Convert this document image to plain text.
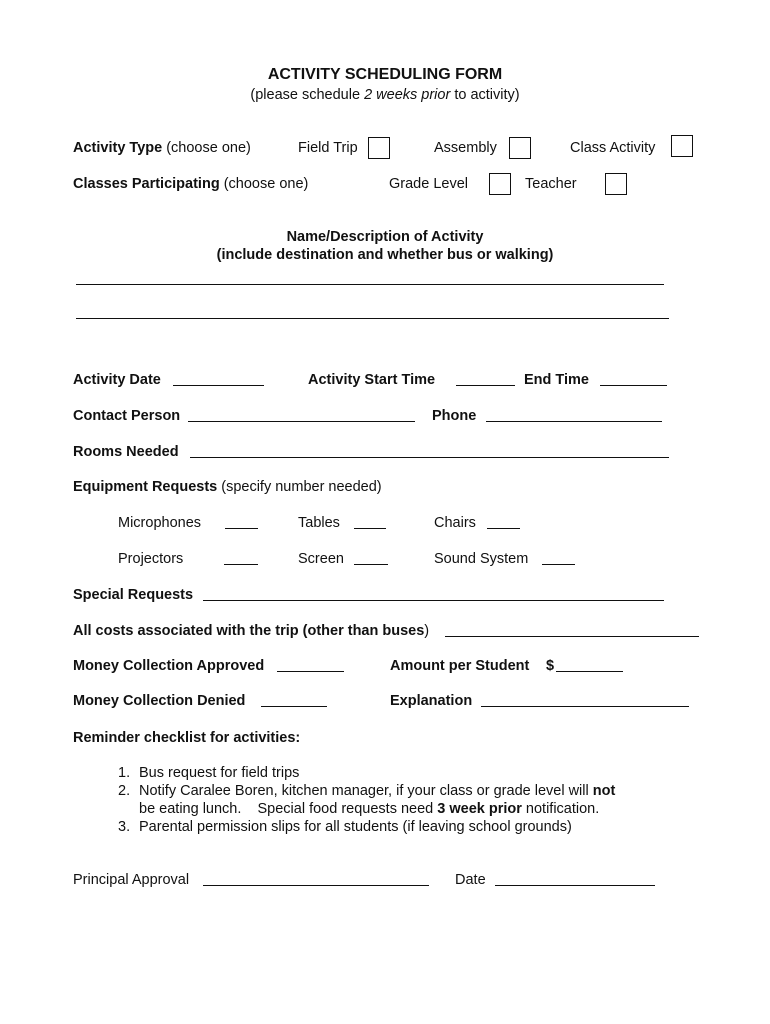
ACTIVITY SCHEDULING FORM
(please schedule 2 weeks prior to activity)
Activity Type (choose one)	Field Trip	Assembly	Class Activity
Classes Participating (choose one)	Grade Level	Teacher
Name/Description of Activity
(include destination and whether bus or walking)
Activity Date	Activity Start Time	End Time
Contact Person	Phone
Rooms Needed
Equipment Requests (specify number needed)
Microphones	Tables	Chairs
Projectors	Screen	Sound System
Special Requests
All costs associated with the trip (other than buses)
Money Collection Approved	Amount per Student $
Money Collection Denied	Explanation
Reminder checklist for activities:
1. Bus request for field trips
2. Notify Caralee Boren, kitchen manager, if your class or grade level will not
be eating lunch.    Special food requests need 3 week prior notification.
3. Parental permission slips for all students (if leaving school grounds)
Principal Approval	Date
